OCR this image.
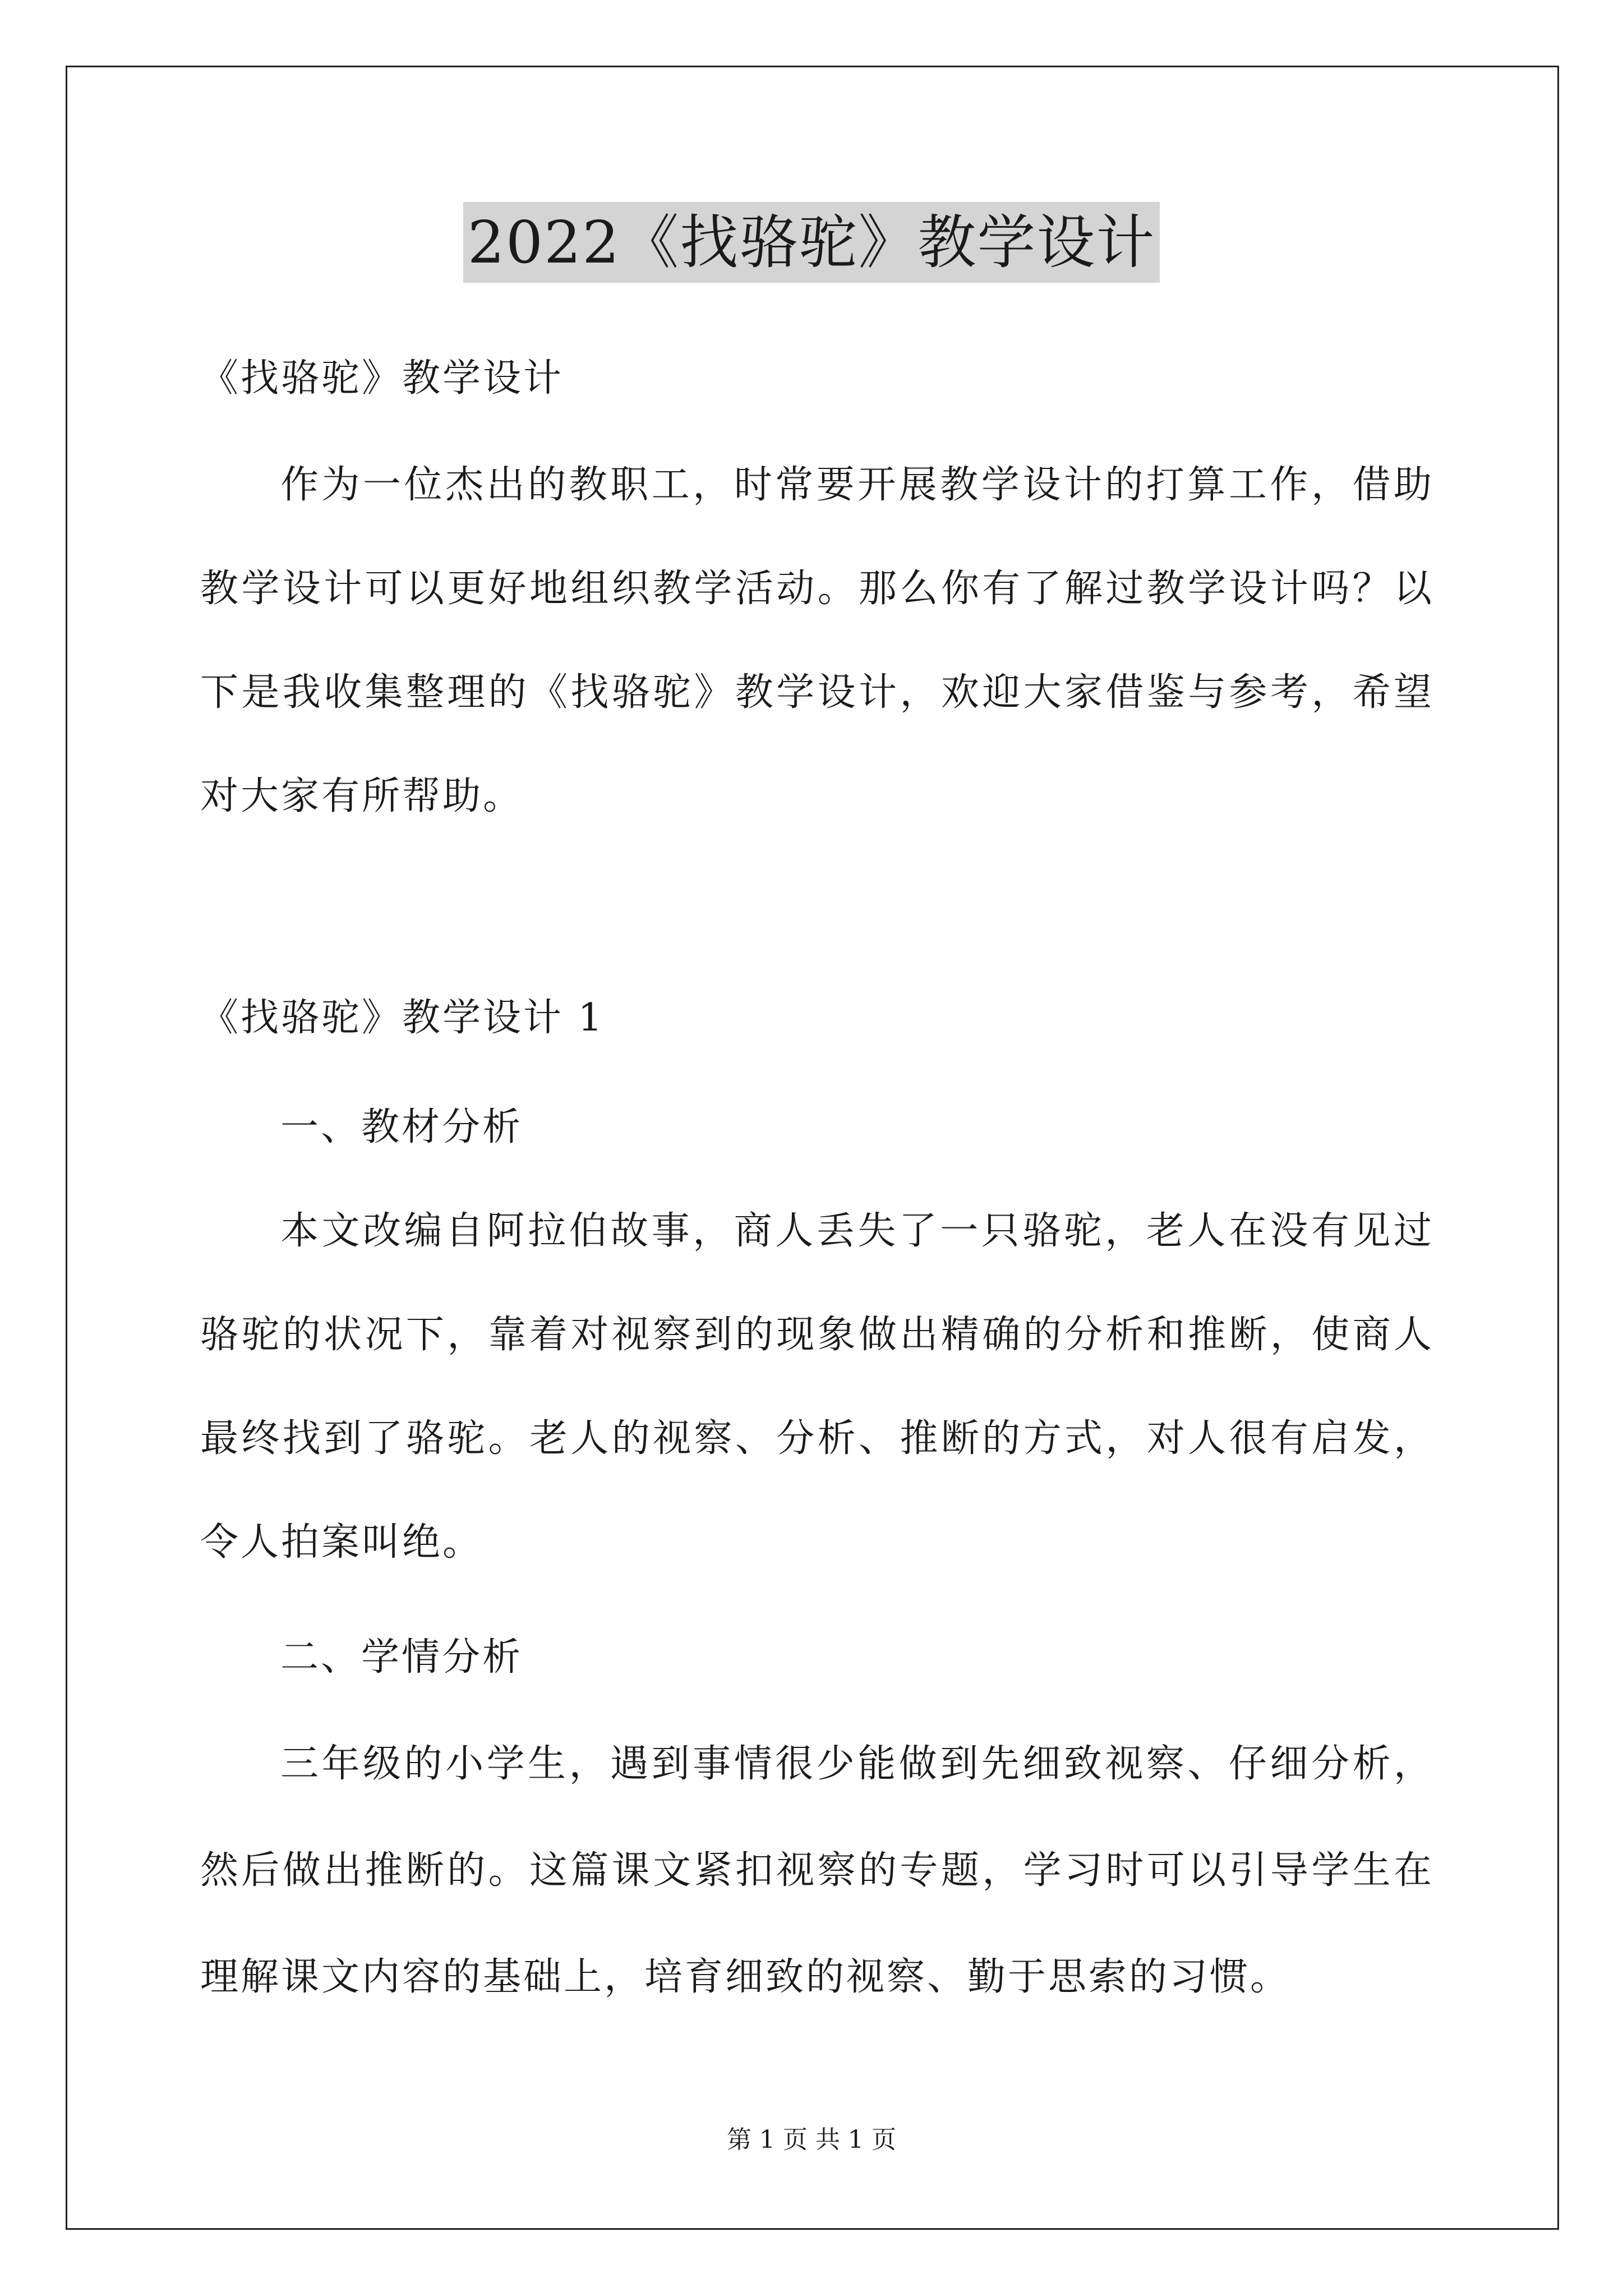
2022《找骆驼》教学设计
《找骆驼》教学设计
作为一位杰出的教职工，时常要开展教学设计的打算工作，借助
教学设计可以更好地组织教学活动。那么你有了解过教学设计吗？以
下是我收集整理的《找骆驼》教学设计，欢迎大家借鉴与参考，希望
对大家有所帮助。
《找骆驼》教学设计 1
一、教材分析
本文改编自阿拉伯故事，商人丢失了一只骆驼，老人在没有见过
骆驼的状况下，靠着对视察到的现象做出精确的分析和推断，使商人
最终找到了骆驼。老人的视察、分析、推断的方式，对人很有启发，
令人拍案叫绝。
二、学情分析
三年级的小学生，遇到事情很少能做到先细致视察、仔细分析，
然后做出推断的。这篇课文紧扣视察的专题，学习时可以引导学生在
理解课文内容的基础上，培育细致的视察、勤于思索的习惯。
第 1 页 共 1 页
